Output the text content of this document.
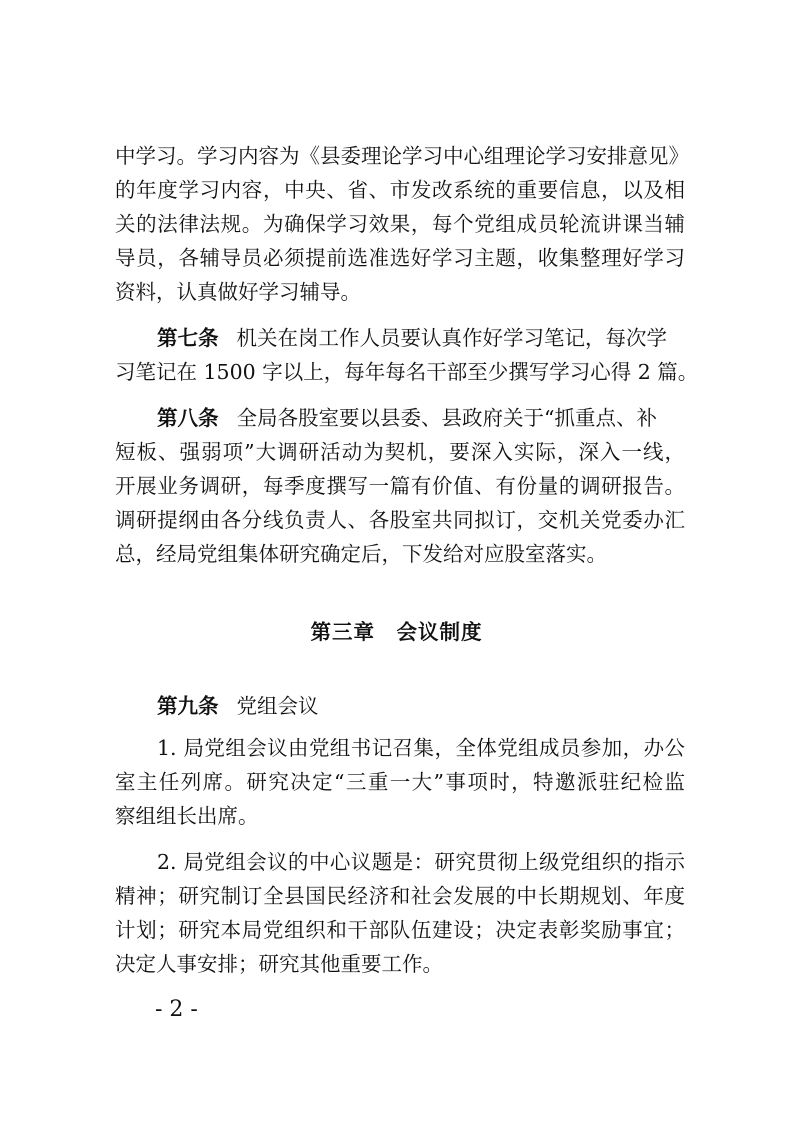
中学习。学习内容为《县委理论学习中心组理论学习安排意见》
的年度学习内容，中央、省、市发改系统的重要信息，以及相
关的法律法规。为确保学习效果，每个党组成员轮流讲课当辅
导员，各辅导员必须提前选准选好学习主题，收集整理好学习
资料，认真做好学习辅导。
第七条 机关在岗工作人员要认真作好学习笔记，每次学
习笔记在 1500 字以上，每年每名干部至少撰写学习心得 2 篇。
第八条 全局各股室要以县委、县政府关于“抓重点、补
短板、强弱项”大调研活动为契机，要深入实际，深入一线，
开展业务调研，每季度撰写一篇有价值、有份量的调研报告。
调研提纲由各分线负责人、各股室共同拟订，交机关党委办汇
总，经局党组集体研究确定后，下发给对应股室落实。
第三章　会议制度
第九条 党组会议
1. 局党组会议由党组书记召集，全体党组成员参加，办公
室主任列席。研究决定“三重一大”事项时，特邀派驻纪检监
察组组长出席。
2. 局党组会议的中心议题是：研究贯彻上级党组织的指示
精神；研究制订全县国民经济和社会发展的中长期规划、年度
计划；研究本局党组织和干部队伍建设；决定表彰奖励事宜；
决定人事安排；研究其他重要工作。
- 2 -
